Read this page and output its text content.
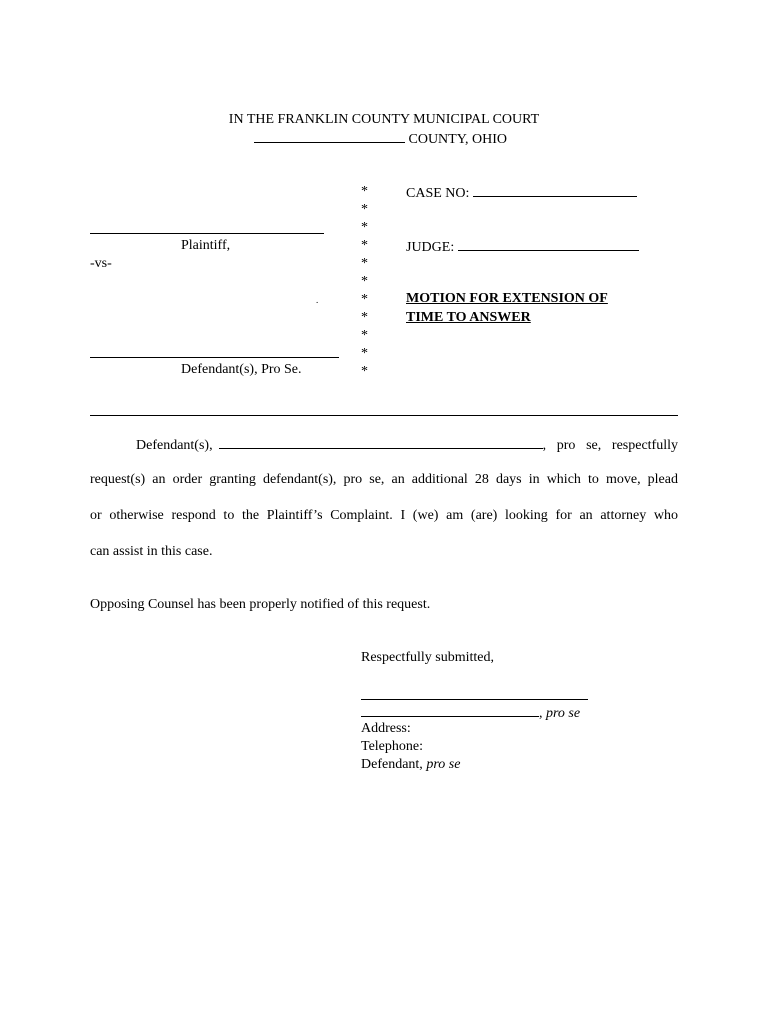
IN THE FRANKLIN COUNTY MUNICIPAL COURT
COUNTY, OHIO
Plaintiff,
-vs-
.
Defendant(s), Pro Se.
*
*
*
*
*
*
*
*
*
*
*
CASE NO:
JUDGE:
MOTION FOR EXTENSION OF
TIME TO ANSWER
Defendant(s),	, pro se, respectfully
request(s) an order granting defendant(s), pro se, an additional 28 days in which to move, plead
or otherwise respond to the Plaintiff’s Complaint. I (we) am (are) looking for an attorney who
can assist in this case.
Opposing Counsel has been properly notified of this request.
Respectfully submitted,
, pro se
Address:
Telephone:
Defendant, pro se
